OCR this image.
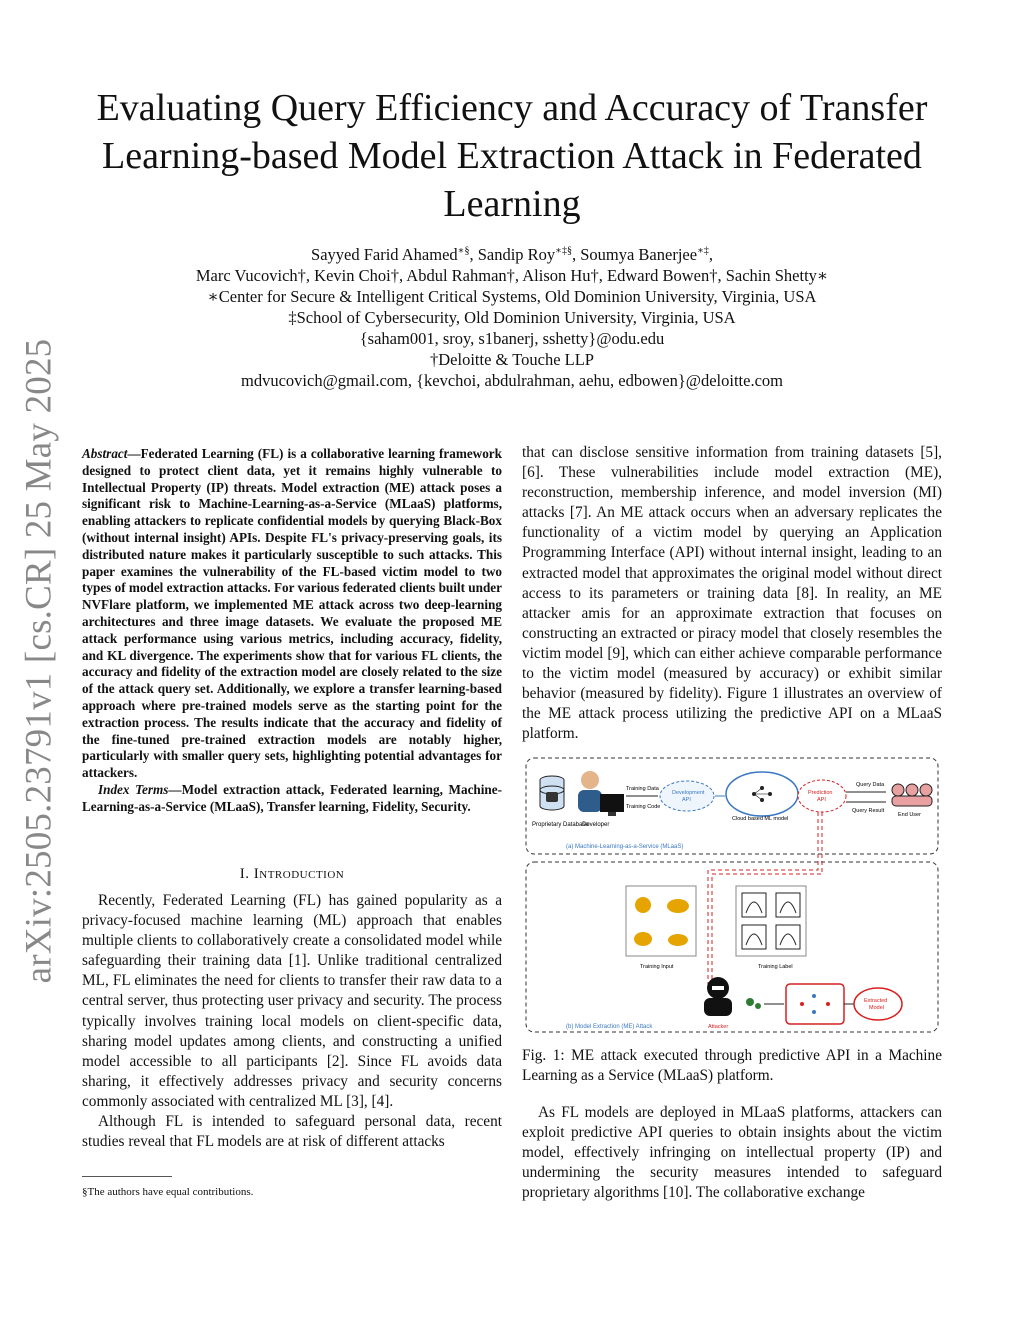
arXiv:2505.23791v1 [cs.CR] 25 May 2025
Evaluating Query Efficiency and Accuracy of Transfer Learning-based Model Extraction Attack in Federated Learning
Sayyed Farid Ahamed∗§, Sandip Roy∗‡§, Soumya Banerjee∗‡,
Marc Vucovich†, Kevin Choi†, Abdul Rahman†, Alison Hu†, Edward Bowen†, Sachin Shetty∗
∗Center for Secure & Intelligent Critical Systems, Old Dominion University, Virginia, USA
‡School of Cybersecurity, Old Dominion University, Virginia, USA
{saham001, sroy, s1banerj, sshetty}@odu.edu
†Deloitte & Touche LLP
mdvucovich@gmail.com, {kevchoi, abdulrahman, aehu, edbowen}@deloitte.com
Abstract—Federated Learning (FL) is a collaborative learning framework designed to protect client data, yet it remains highly vulnerable to Intellectual Property (IP) threats. Model extraction (ME) attack poses a significant risk to Machine-Learning-as-a-Service (MLaaS) platforms, enabling attackers to replicate confidential models by querying Black-Box (without internal insight) APIs. Despite FL's privacy-preserving goals, its distributed nature makes it particularly susceptible to such attacks. This paper examines the vulnerability of the FL-based victim model to two types of model extraction attacks. For various federated clients built under NVFlare platform, we implemented ME attack across two deep-learning architectures and three image datasets. We evaluate the proposed ME attack performance using various metrics, including accuracy, fidelity, and KL divergence. The experiments show that for various FL clients, the accuracy and fidelity of the extraction model are closely related to the size of the attack query set. Additionally, we explore a transfer learning-based approach where pre-trained models serve as the starting point for the extraction process. The results indicate that the accuracy and fidelity of the fine-tuned pre-trained extraction models are notably higher, particularly with smaller query sets, highlighting potential advantages for attackers.
Index Terms—Model extraction attack, Federated learning, Machine-Learning-as-a-Service (MLaaS), Transfer learning, Fidelity, Security.
I. Introduction

Recently, Federated Learning (FL) has gained popularity as a privacy-focused machine learning (ML) approach that enables multiple clients to collaboratively create a consolidated model while safeguarding their training data [1]. Unlike traditional centralized ML, FL eliminates the need for clients to transfer their raw data to a central server, thus protecting user privacy and security. The process typically involves training local models on client-specific data, sharing model updates among clients, and constructing a unified model accessible to all participants [2]. Since FL avoids data sharing, it effectively addresses privacy and security concerns commonly associated with centralized ML [3], [4].

Although FL is intended to safeguard personal data, recent studies reveal that FL models are at risk of different attacks

§The authors have equal contributions.

that can disclose sensitive information from training datasets [5], [6]. These vulnerabilities include model extraction (ME), reconstruction, membership inference, and model inversion (MI) attacks [7]. An ME attack occurs when an adversary replicates the functionality of a victim model by querying an Application Programming Interface (API) without internal insight, leading to an extracted model that approximates the original model without direct access to its parameters or training data [8]. In reality, an ME attacker amis for an approximate extraction that focuses on constructing an extracted or piracy model that closely resembles the victim model [9], which can either achieve comparable performance to the victim model (measured by accuracy) or exhibit similar behavior (measured by fidelity). Figure 1 illustrates an overview of the ME attack process utilizing the predictive API on a MLaaS platform.

Proprietary Database
Developer
Training Data
Training Code
Development
API
Cloud based ML model
Prediction
API
Query Data
Query Result
End User
(a) Machine-Learning-as-a-Service (MLaaS)
Training Input	Training Label
Attacker
Extracted
Model
(b) Model Extraction (ME) Attack
Fig. 1: ME attack executed through predictive API in a Machine Learning as a Service (MLaaS) platform.

As FL models are deployed in MLaaS platforms, attackers can exploit predictive API queries to obtain insights about the victim model, effectively infringing on intellectual property (IP) and undermining the security measures intended to safeguard proprietary algorithms [10]. The collaborative exchange
